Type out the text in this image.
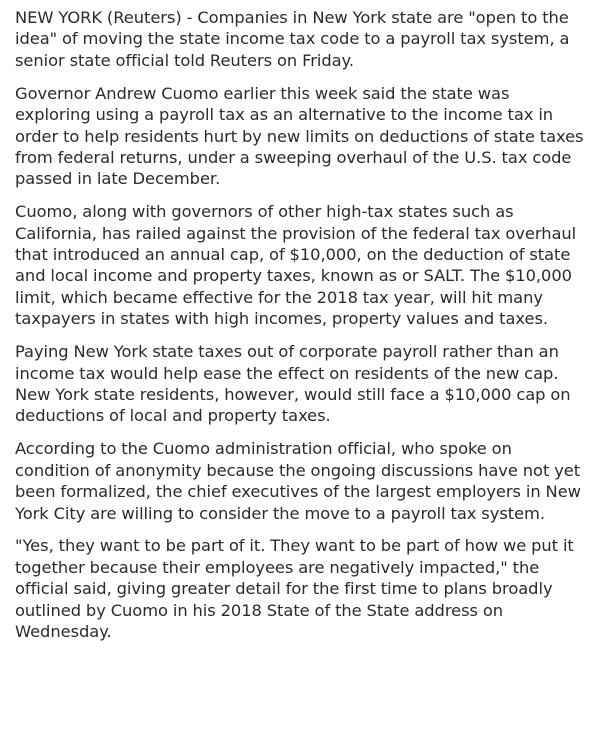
NEW YORK (Reuters) - Companies in New York state are "open to the idea" of moving the state income tax code to a payroll tax system, a senior state official told Reuters on Friday.

Governor Andrew Cuomo earlier this week said the state was exploring using a payroll tax as an alternative to the income tax in order to help residents hurt by new limits on deductions of state taxes from federal returns, under a sweeping overhaul of the U.S. tax code passed in late December.

Cuomo, along with governors of other high-tax states such as California, has railed against the provision of the federal tax overhaul that introduced an annual cap, of $10,000, on the deduction of state and local income and property taxes, known as or SALT. The $10,000 limit, which became effective for the 2018 tax year, will hit many taxpayers in states with high incomes, property values and taxes.

Paying New York state taxes out of corporate payroll rather than an income tax would help ease the effect on residents of the new cap. New York state residents, however, would still face a $10,000 cap on deductions of local and property taxes.

According to the Cuomo administration official, who spoke on condition of anonymity because the ongoing discussions have not yet been formalized, the chief executives of the largest employers in New York City are willing to consider the move to a payroll tax system.

"Yes, they want to be part of it. They want to be part of how we put it together because their employees are negatively impacted," the official said, giving greater detail for the first time to plans broadly outlined by Cuomo in his 2018 State of the State address on Wednesday.
